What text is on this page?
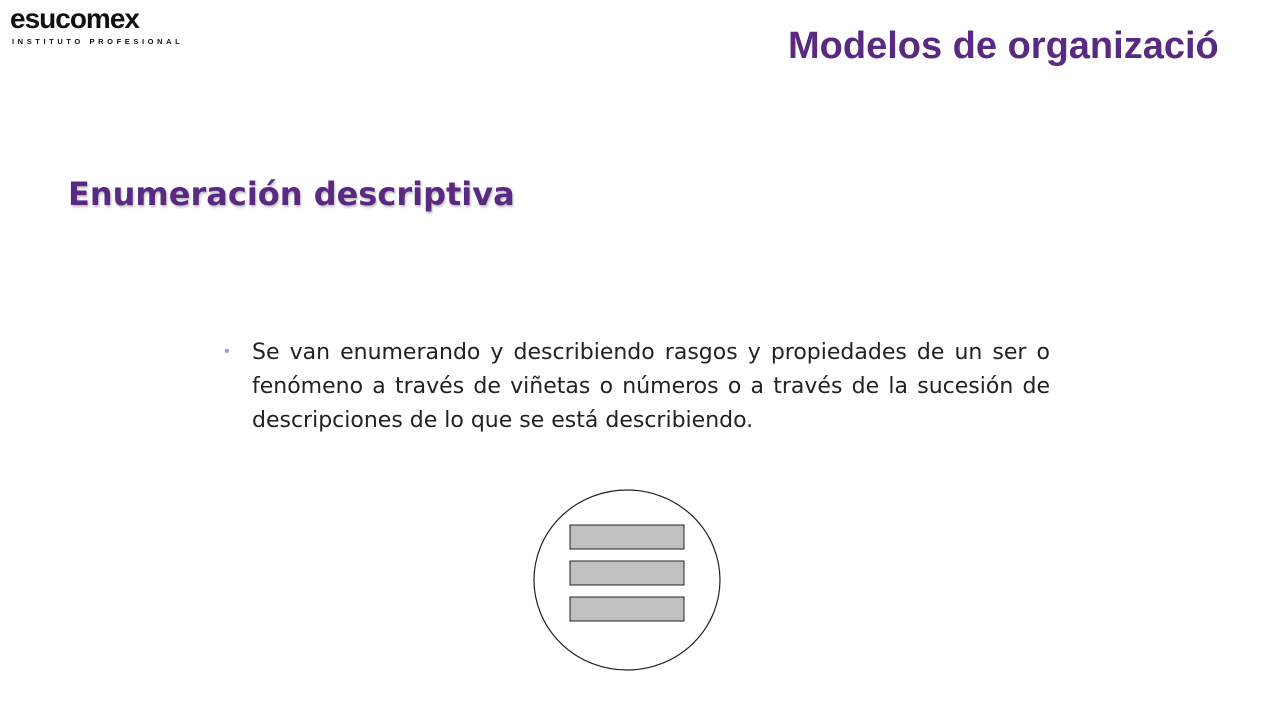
esucomex
INSTITUTO PROFESIONAL	Modelos de organizació
Enumeración descriptiva
• Se van enumerando y describiendo rasgos y propiedades de un ser o fenómeno a través de viñetas o números o a través de la sucesión de descripciones de lo que se está describiendo.
